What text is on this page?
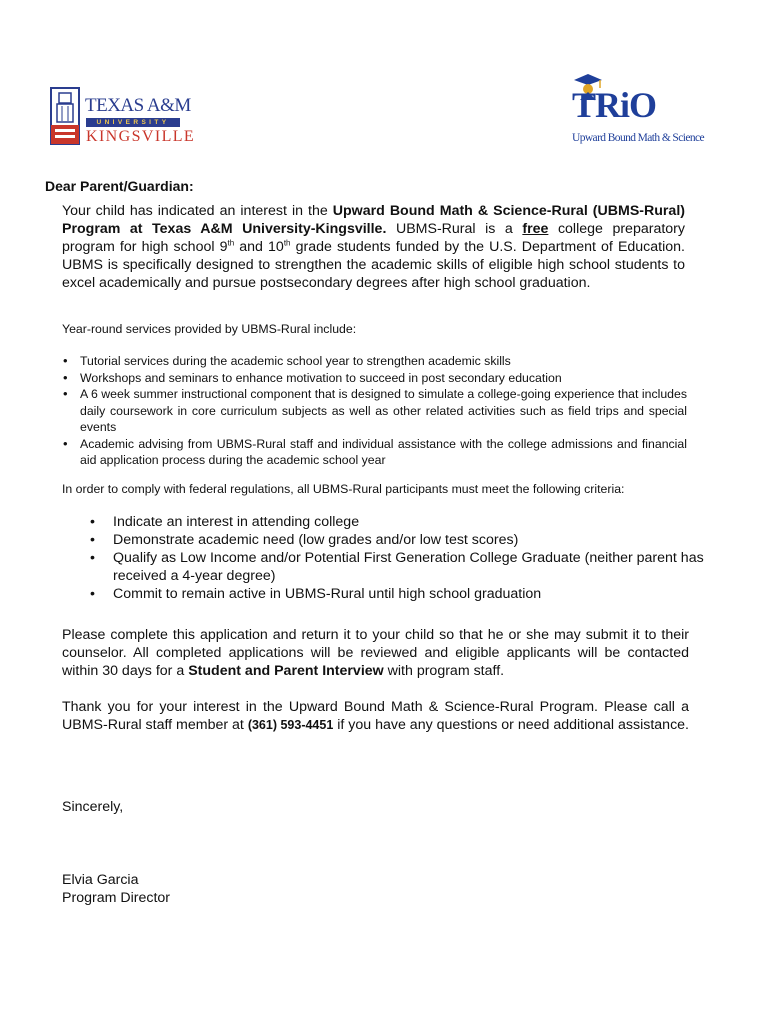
TEXAS A&M
UNIVERSITY
KINGSVILLE
TRiO
Upward Bound Math & Science
Dear Parent/Guardian:

Your child has indicated an interest in the Upward Bound Math & Science-Rural (UBMS-Rural) Program at Texas A&M University-Kingsville. UBMS-Rural is a free college preparatory program for high school 9th and 10th grade students funded by the U.S. Department of Education. UBMS is specifically designed to strengthen the academic skills of eligible high school students to excel academically and pursue postsecondary degrees after high school graduation.

Year-round services provided by UBMS-Rural include:
• Tutorial services during the academic school year to strengthen academic skills
• Workshops and seminars to enhance motivation to succeed in post secondary education
• A 6 week summer instructional component that is designed to simulate a college-going experience that includes daily coursework in core curriculum subjects as well as other related activities such as field trips and special events
• Academic advising from UBMS-Rural staff and individual assistance with the college admissions and financial aid application process during the academic school year
In order to comply with federal regulations, all UBMS-Rural participants must meet the following criteria:
• Indicate an interest in attending college
• Demonstrate academic need (low grades and/or low test scores)
• Qualify as Low Income and/or Potential First Generation College Graduate (neither parent has received a 4-year degree)
• Commit to remain active in UBMS-Rural until high school graduation

Please complete this application and return it to your child so that he or she may submit it to their counselor. All completed applications will be reviewed and eligible applicants will be contacted within 30 days for a Student and Parent Interview with program staff.

Thank you for your interest in the Upward Bound Math & Science-Rural Program. Please call a UBMS-Rural staff member at (361) 593-4451 if you have any questions or need additional assistance.

Sincerely,
Elvia Garcia
Program Director
